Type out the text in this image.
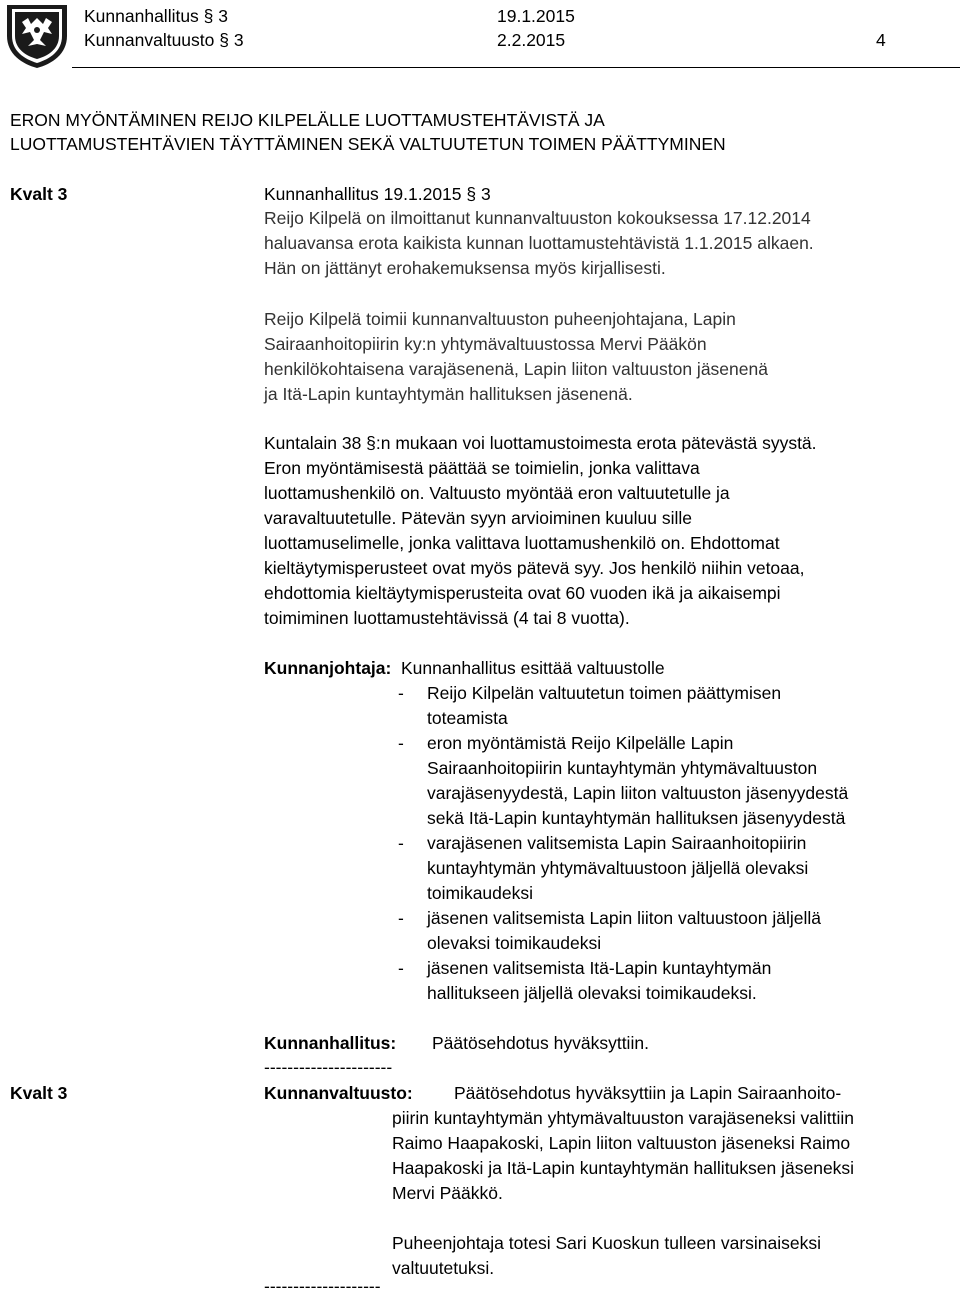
Kunnanhallitus § 3	19.1.2015
Kunnanvaltuusto § 3	2.2.2015	4
ERON MYÖNTÄMINEN REIJO KILPELÄLLE LUOTTAMUSTEHTÄVISTÄ JA
LUOTTAMUSTEHTÄVIEN TÄYTTÄMINEN SEKÄ VALTUUTETUN TOIMEN PÄÄTTYMINEN
Kvalt 3	Kunnanhallitus 19.1.2015 § 3
Reijo Kilpelä on ilmoittanut kunnanvaltuuston kokouksessa 17.12.2014
haluavansa erota kaikista kunnan luottamustehtävistä 1.1.2015 alkaen.
Hän on jättänyt erohakemuksensa myös kirjallisesti.
Reijo Kilpelä toimii kunnanvaltuuston puheenjohtajana, Lapin
Sairaanhoitopiirin ky:n yhtymävaltuustossa Mervi Pääkön
henkilökohtaisena varajäsenenä, Lapin liiton valtuuston jäsenenä
ja Itä-Lapin kuntayhtymän hallituksen jäsenenä.
Kuntalain 38 §:n mukaan voi luottamustoimesta erota pätevästä syystä.
Eron myöntämisestä päättää se toimielin, jonka valittava
luottamushenkilö on. Valtuusto myöntää eron valtuutetulle ja
varavaltuutetulle. Pätevän syyn arvioiminen kuuluu sille
luottamuselimelle, jonka valittava luottamushenkilö on. Ehdottomat
kieltäytymisperusteet ovat myös pätevä syy. Jos henkilö niihin vetoaa,
ehdottomia kieltäytymisperusteita ovat 60 vuoden ikä ja aikaisempi
toimiminen luottamustehtävissä (4 tai 8 vuotta).
Kunnanjohtaja: Kunnanhallitus esittää valtuustolle
- Reijo Kilpelän valtuutetun toimen päättymisen
toteamista
- eron myöntämistä Reijo Kilpelälle Lapin
Sairaanhoitopiirin kuntayhtymän yhtymävaltuuston
varajäsenyydestä, Lapin liiton valtuuston jäsenyydestä
sekä Itä-Lapin kuntayhtymän hallituksen jäsenyydestä
- varajäsenen valitsemista Lapin Sairaanhoitopiirin
kuntayhtymän yhtymävaltuustoon jäljellä olevaksi
toimikaudeksi
- jäsenen valitsemista Lapin liiton valtuustoon jäljellä
olevaksi toimikaudeksi
- jäsenen valitsemista Itä-Lapin kuntayhtymän
hallitukseen jäljellä olevaksi toimikaudeksi.
Kunnanhallitus: Päätösehdotus hyväksyttiin.
----------------------
Kvalt 3	Kunnanvaltuusto: Päätösehdotus hyväksyttiin ja Lapin Sairaanhoito-
piirin kuntayhtymän yhtymävaltuuston varajäseneksi valittiin
Raimo Haapakoski, Lapin liiton valtuuston jäseneksi Raimo
Haapakoski ja Itä-Lapin kuntayhtymän hallituksen jäseneksi
Mervi Pääkkö.
Puheenjohtaja totesi Sari Kuoskun tulleen varsinaiseksi
valtuutetuksi.
--------------------
